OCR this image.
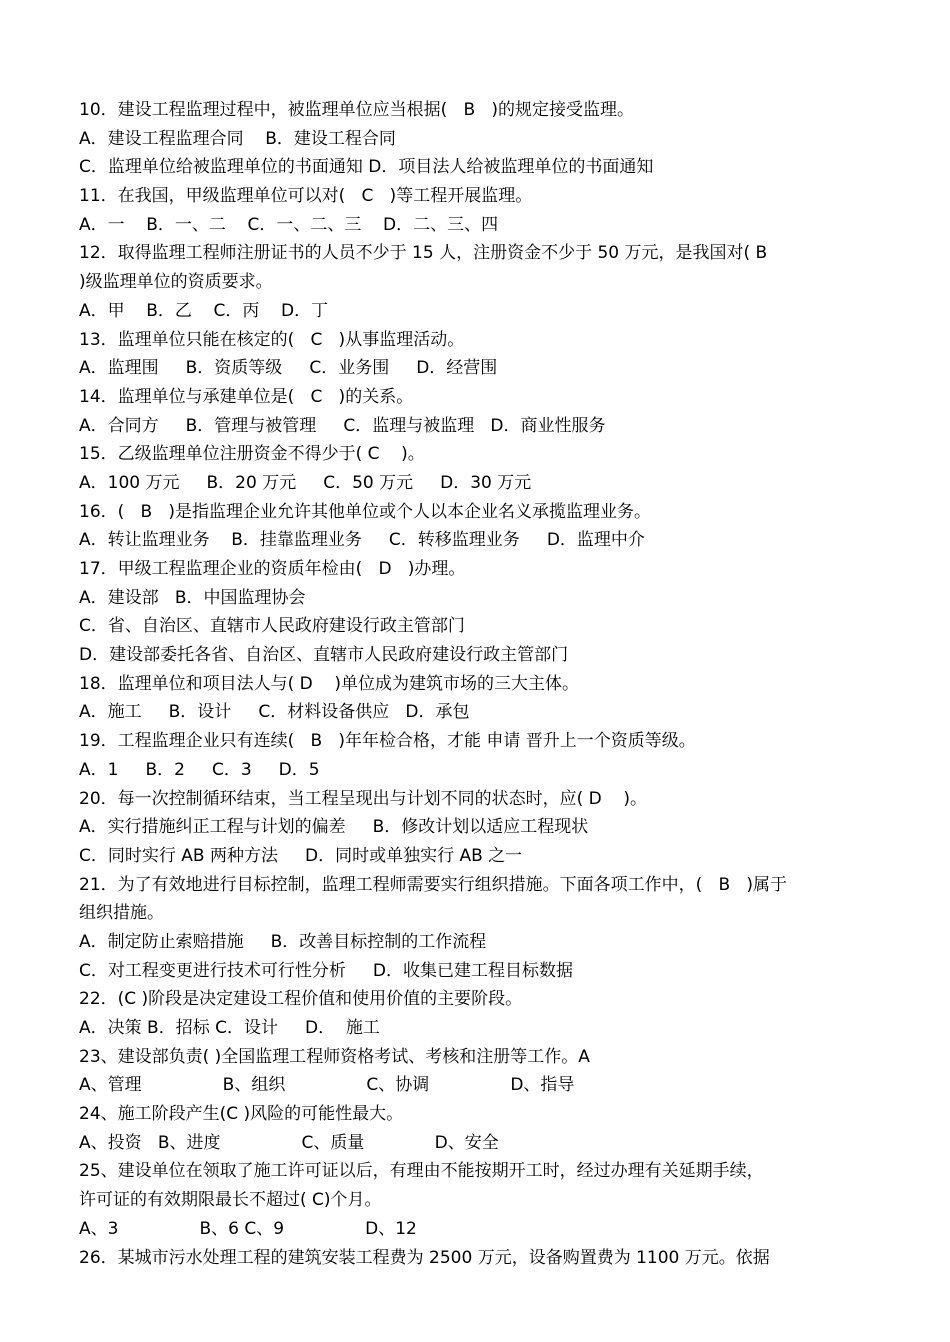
10．建设工程监理过程中，被监理单位应当根据(   B   )的规定接受监理。
A．建设工程监理合同    B．建设工程合同
C．监理单位给被监理单位的书面通知 D．项目法人给被监理单位的书面通知
11．在我国，甲级监理单位可以对(   C   )等工程开展监理。
A．一    B．一、二    C．一、二、三    D．二、三、四
12．取得监理工程师注册证书的人员不少于 15 人，注册资金不少于 50 万元，是我国对( B
)级监理单位的资质要求。
A．甲    B．乙    C．丙    D．丁
13．监理单位只能在核定的(   C   )从事监理活动。
A．监理围     B．资质等级     C．业务围     D．经营围
14．监理单位与承建单位是(   C   )的关系。
A．合同方     B．管理与被管理     C．监理与被监理   D．商业性服务
15．乙级监理单位注册资金不得少于( C    )。
A．100 万元     B．20 万元     C．50 万元     D．30 万元
16．(   B   )是指监理企业允许其他单位或个人以本企业名义承揽监理业务。
A．转让监理业务    B．挂靠监理业务     C．转移监理业务     D．监理中介
17．甲级工程监理企业的资质年检由(   D   )办理。
A．建设部   B．中国监理协会
C．省、自治区、直辖市人民政府建设行政主管部门
D．建设部委托各省、自治区、直辖市人民政府建设行政主管部门
18．监理单位和项目法人与( D    )单位成为建筑市场的三大主体。
A．施工     B．设计     C．材料设备供应   D．承包
19．工程监理企业只有连续(   B   )年年检合格，才能 申请 晋升上一个资质等级。
A．1     B．2     C．3     D．5
20．每一次控制循环结束，当工程呈现出与计划不同的状态时，应( D    )。
A．实行措施纠正工程与计划的偏差     B．修改计划以适应工程现状
C．同时实行 AB 两种方法     D．同时或单独实行 AB 之一
21．为了有效地进行目标控制，监理工程师需要实行组织措施。下面各项工作中，(   B   )属于
组织措施。
A．制定防止索赔措施     B．改善目标控制的工作流程
C．对工程变更进行技术可行性分析     D．收集已建工程目标数据
22．(C )阶段是决定建设工程价值和使用价值的主要阶段。
A．决策 B．招标 C．设计     D．  施工
23、建设部负责( )全国监理工程师资格考试、考核和注册等工作。A
A、管理               B、组织               C、协调               D、指导
24、施工阶段产生(C )风险的可能性最大。
A、投资   B、进度               C、质量             D、安全
25、建设单位在领取了施工许可证以后，有理由不能按期开工时，经过办理有关延期手续，
许可证的有效期限最长不超过( C)个月。
A、3               B、6 C、9               D、12
26．某城市污水处理工程的建筑安装工程费为 2500 万元，设备购置费为 1100 万元。依据
